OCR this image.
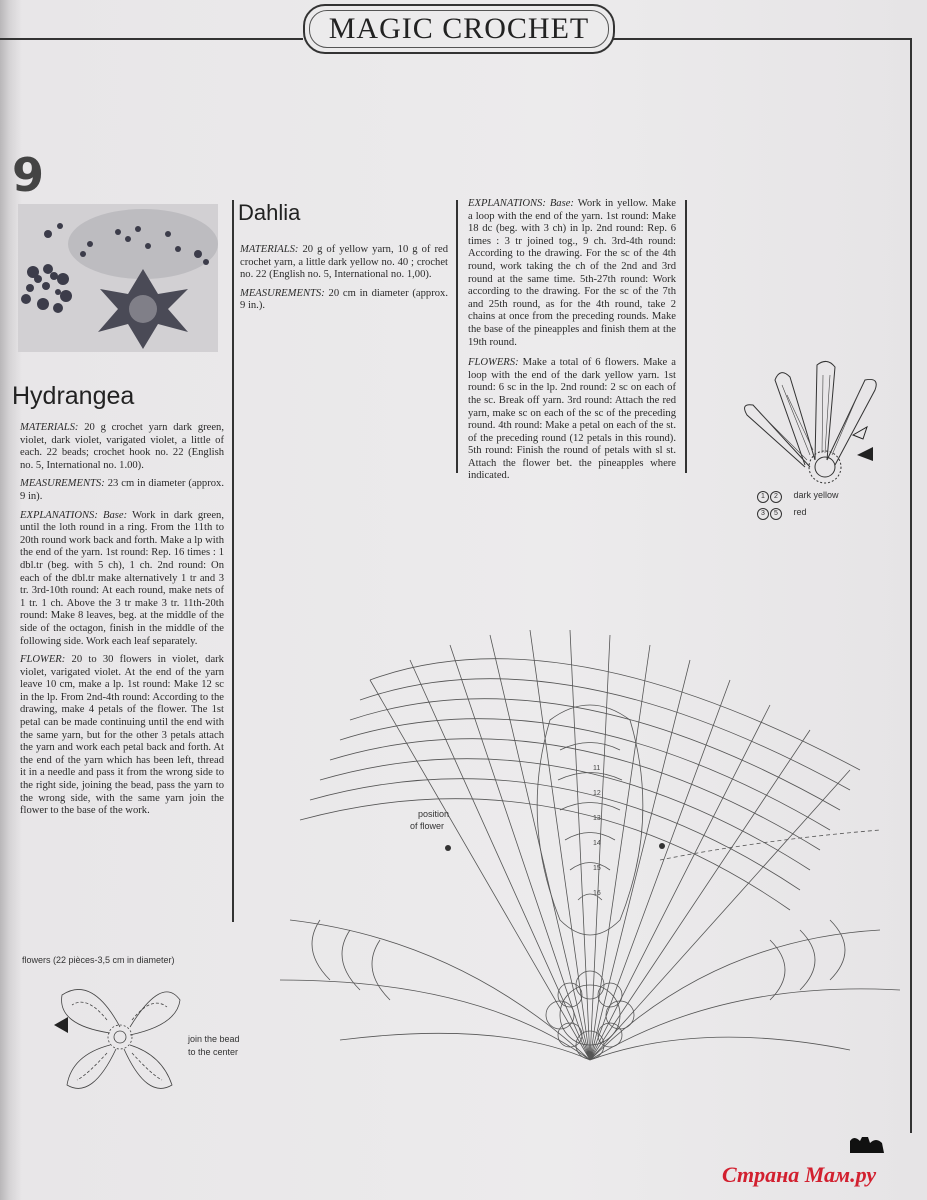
MAGIC CROCHET
9
Dahlia

MATERIALS: 20 g of yellow yarn, 10 g of red crochet yarn, a little dark yellow no. 40 ; crochet no. 22 (English no. 5, International no. 1,00).

MEASUREMENTS: 20 cm in diameter (approx. 9 in.).

EXPLANATIONS: Base: Work in yellow. Make a loop with the end of the yarn. 1st round: Make 18 dc (beg. with 3 ch) in lp. 2nd round: Rep. 6 times : 3 tr joined tog., 9 ch. 3rd-4th round: According to the drawing. For the sc of the 4th round, work taking the ch of the 2nd and 3rd round at the same time. 5th-27th round: Work according to the drawing. For the sc of the 7th and 25th round, as for the 4th round, take 2 chains at once from the preceding rounds. Make the base of the pineapples and finish them at the 19th round.

FLOWERS: Make a total of 6 flowers. Make a loop with the end of the dark yellow yarn. 1st round: 6 sc in the lp. 2nd round: 2 sc on each of the sc. Break off yarn. 3rd round: Attach the red yarn, make sc on each of the sc of the preceding round. 4th round: Make a petal on each of the st. of the preceding round (12 petals in this round). 5th round: Finish the round of petals with sl st. Attach the flower bet. the pineapples where indicated.

Hydrangea

MATERIALS: 20 g crochet yarn dark green, violet, dark violet, varigated violet, a little of each. 22 beads; crochet hook no. 22 (English no. 5, International no. 1.00).

MEASUREMENTS: 23 cm in diameter (approx. 9 in).

EXPLANATIONS: Base: Work in dark green, until the loth round in a ring. From the 11th to 20th round work back and forth. Make a lp with the end of the yarn. 1st round: Rep. 16 times : 1 dbl.tr (beg. with 5 ch), 1 ch. 2nd round: On each of the dbl.tr make alternatively 1 tr and 3 tr. 3rd-10th round: At each round, make nets of 1 tr. 1 ch. Above the 3 tr make 3 tr. 11th-20th round: Make 8 leaves, beg. at the middle of the side of the octagon, finish in the middle of the following side. Work each leaf separately.

FLOWER: 20 to 30 flowers in violet, dark violet, varigated violet. At the end of the yarn leave 10 cm, make a lp. 1st round: Make 12 sc in the lp. From 2nd-4th round: According to the drawing, make 4 petals of the flower. The 1st petal can be made continuing until the end with the same yarn, but for the other 3 petals attach the yarn and work each petal back and forth. At the end of the yarn which has been left, thread it in a needle and pass it from the wrong side to the right side, joining the bead, pass the yarn to the wrong side, with the same yarn join the flower to the base of the work.

1 2 dark yellow
3 5 red
11
12
13
14
15
16
position
of flower
flowers (22 pièces-3,5 cm in diameter)
join the bead
to the center
Страна Мам.ру
